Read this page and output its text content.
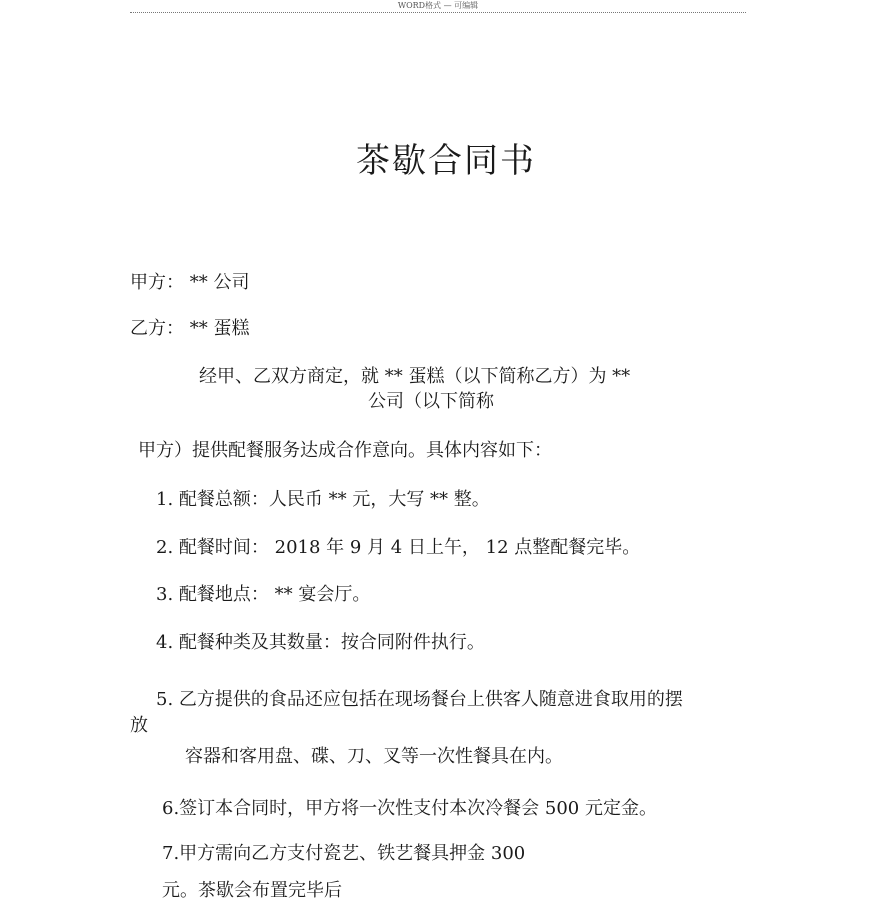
WORD格式 — 可编辑
茶歇合同书
甲方： ** 公司
乙方： ** 蛋糕
经甲、乙双方商定，就 ** 蛋糕（以下简称乙方）为 **
公司（以下简称
甲方）提供配餐服务达成合作意向。具体内容如下：
1. 配餐总额：人民币 ** 元，大写 ** 整。
2. 配餐时间： 2018 年 9 月 4 日上午， 12 点整配餐完毕。
3. 配餐地点： ** 宴会厅。
4. 配餐种类及其数量：按合同附件执行。
5. 乙方提供的食品还应包括在现场餐台上供客人随意进食取用的摆
放
容器和客用盘、碟、刀、叉等一次性餐具在内。
6.签订本合同时，甲方将一次性支付本次冷餐会 500 元定金。
7.甲方需向乙方支付瓷艺、铁艺餐具押金 300
元。茶歇会布置完毕后
